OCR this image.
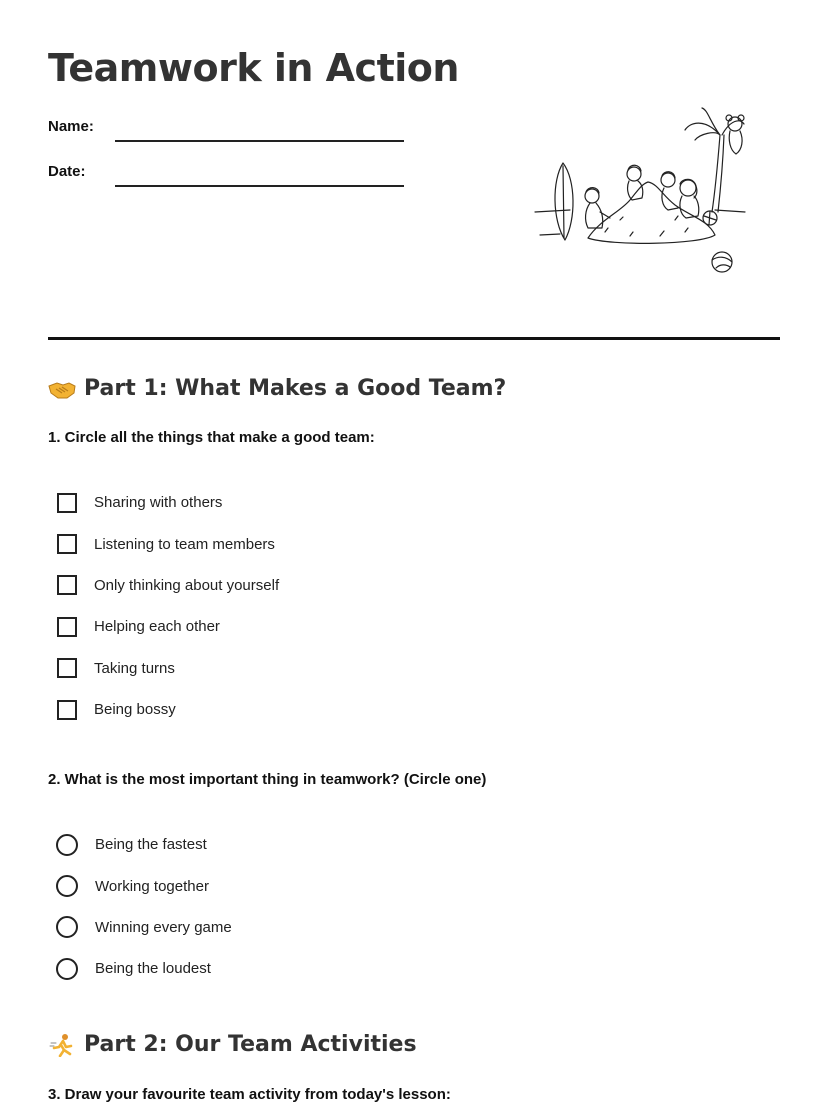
Teamwork in Action
Name:
Date:
Part 1: What Makes a Good Team?
1. Circle all the things that make a good team:
Sharing with others
Listening to team members
Only thinking about yourself
Helping each other
Taking turns
Being bossy
2. What is the most important thing in teamwork? (Circle one)
Being the fastest
Working together
Winning every game
Being the loudest
Part 2: Our Team Activities
3. Draw your favourite team activity from today's lesson:
